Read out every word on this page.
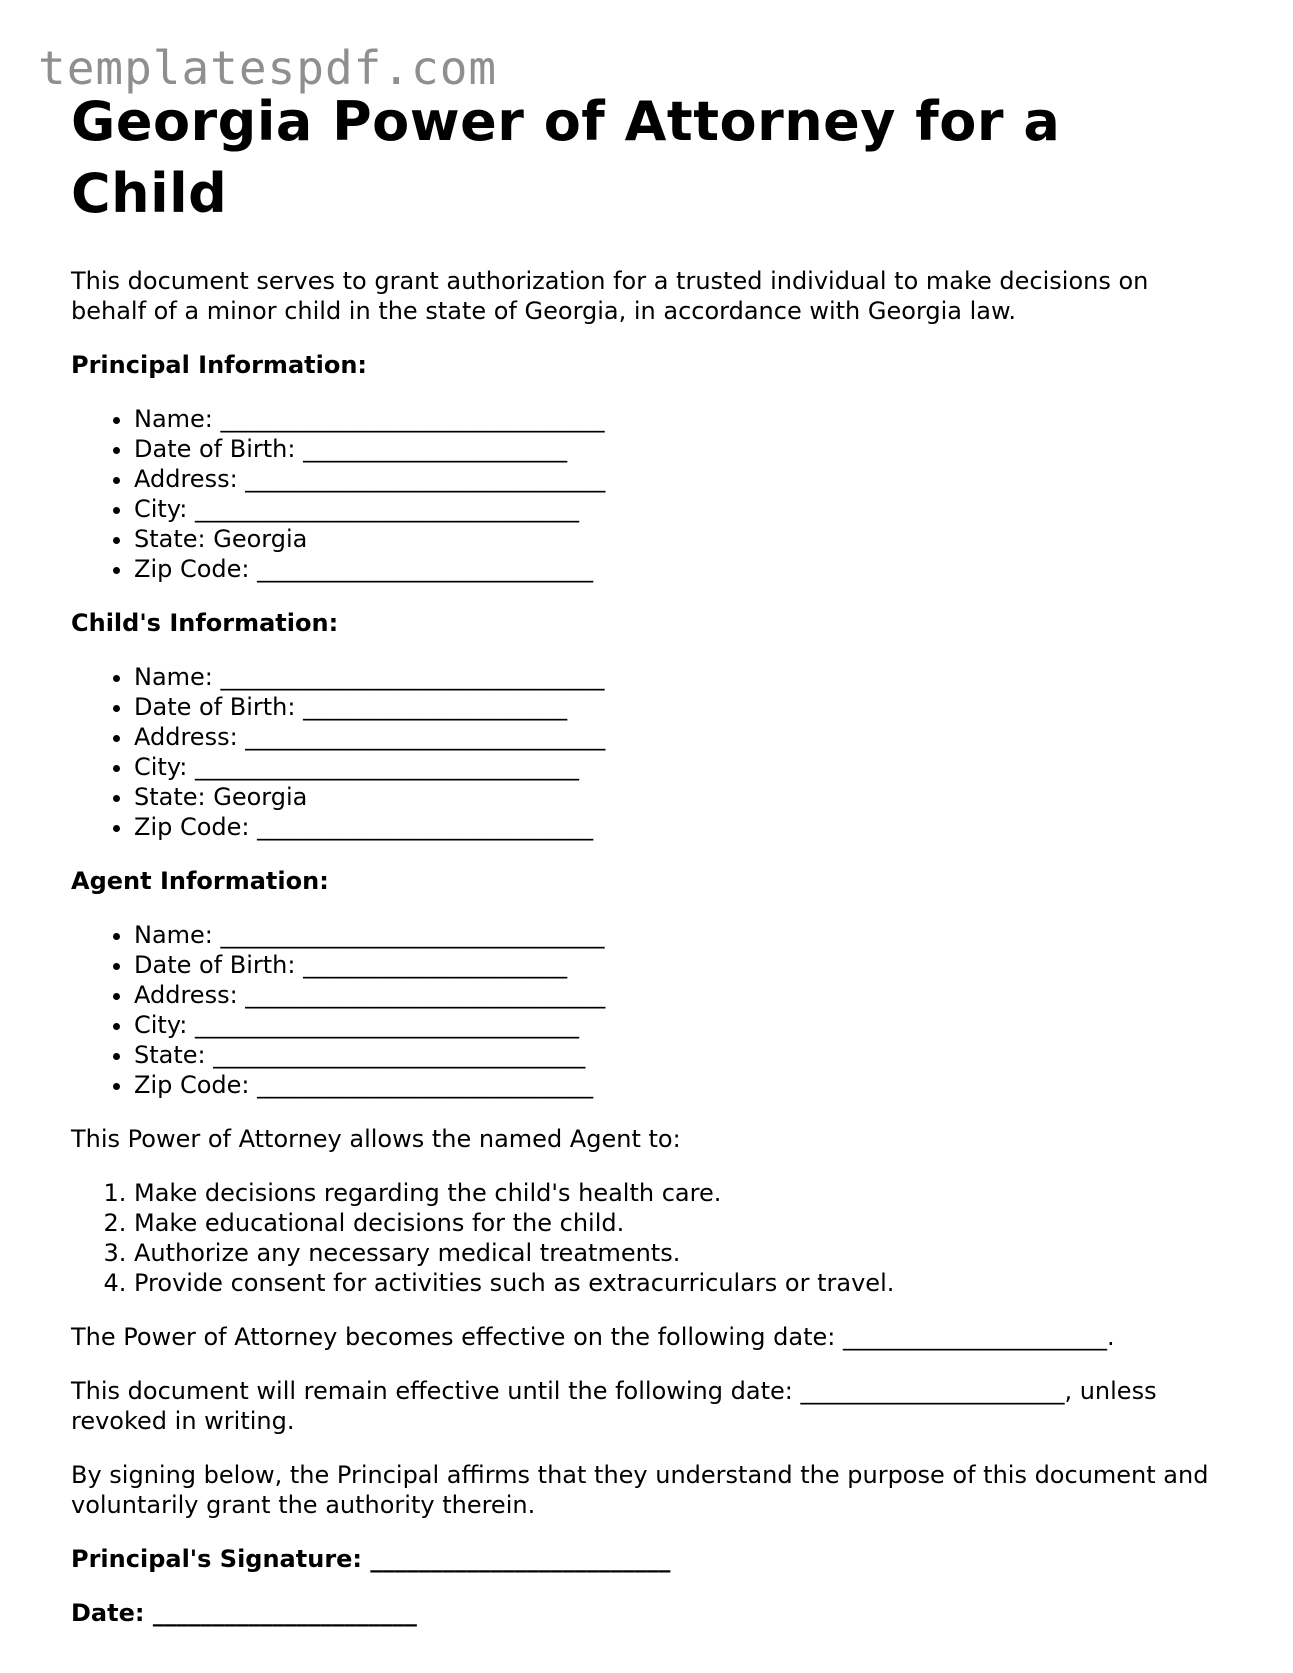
templatespdf.com
Georgia Power of Attorney for a Child

This document serves to grant authorization for a trusted individual to make decisions on behalf of a minor child in the state of Georgia, in accordance with Georgia law.

Principal Information:

• Name: ________________________________
• Date of Birth: ______________________
• Address: ______________________________
• City: ________________________________
• State: Georgia
• Zip Code: ____________________________

Child's Information:

• Name: ________________________________
• Date of Birth: ______________________
• Address: ______________________________
• City: ________________________________
• State: Georgia
• Zip Code: ____________________________

Agent Information:

• Name: ________________________________
• Date of Birth: ______________________
• Address: ______________________________
• City: ________________________________
• State: _______________________________
• Zip Code: ____________________________

This Power of Attorney allows the named Agent to:

1. Make decisions regarding the child's health care.
2. Make educational decisions for the child.
3. Authorize any necessary medical treatments.
4. Provide consent for activities such as extracurriculars or travel.

The Power of Attorney becomes effective on the following date: ______________________.

This document will remain effective until the following date: ______________________, unless revoked in writing.

By signing below, the Principal affirms that they understand the purpose of this document and voluntarily grant the authority therein.

Principal's Signature: _________________________

Date: ______________________
